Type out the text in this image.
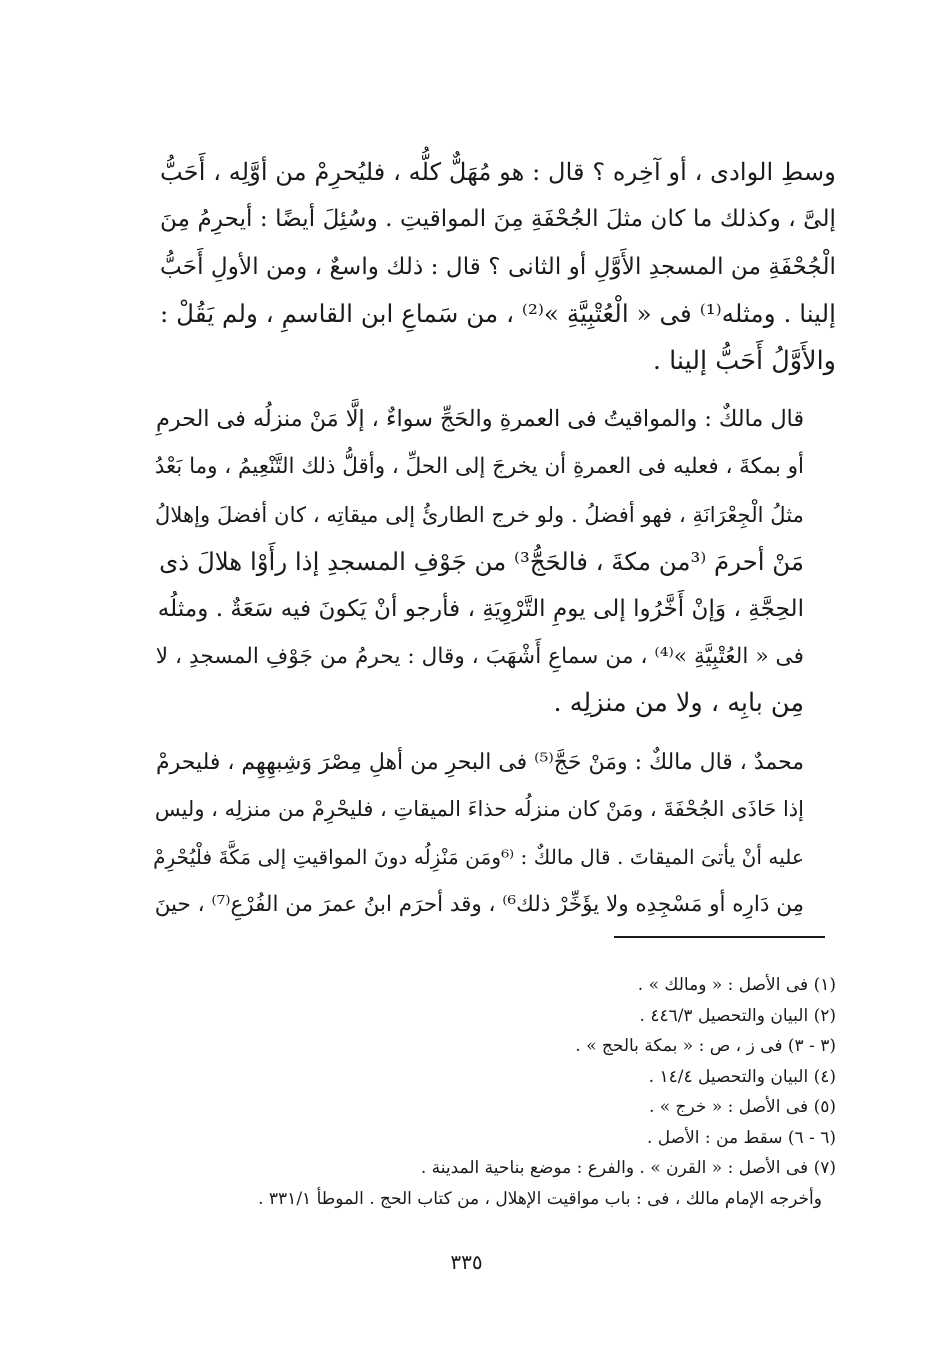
وسطِ الوادى ، أو آخِره ؟ قال : هو مُهَلٌّ كلُّه ، فليُحرِمْ من أوَّلِه ، أَحَبُّ
إلىَّ ، وكذلك ما كان مثلَ الجُحْفَةِ مِنَ المواقيتِ . وسُئِلَ أيضًا : أيحرِمُ مِنَ
الْجُحْفَةِ من المسجدِ الأَوَّلِ أو الثانى ؟ قال : ذلك واسعٌ ، ومن الأولِ أَحَبُّ
إلينا . ومثله⁽¹⁾ فى « الْعُتْبِيَّةِ »⁽²⁾ ، من سَماعِ ابن القاسمِ ، ولم يَقُلْ :
والأَوَّلُ أَحَبُّ إلينا .

قال مالكٌ : والمواقيتُ فى العمرةِ والحَجِّ سواءٌ ، إلَّا مَنْ منزلُه فى الحرمِ
أو بمكةَ ، فعليه فى العمرةِ أن يخرجَ إلى الحلِّ ، وأقلُّ ذلك التَّنْعِيمُ ، وما بَعْدُ
مثلُ الْجِعْرَانَةِ ، فهو أفضلُ . ولو خرج الطارئُ إلى ميقاتِه ، كان أفضلَ وإهلالُ
مَنْ أحرمَ ⁽³من مكةَ ، فالحَجُّ³⁾ من جَوْفِ المسجدِ إذا رأَوْا هلالَ ذى
الحِجَّةِ ، وَإنْ أَخَّرُوا إلى يومِ التَّرْوِيَةِ ، فأرجو أنْ يَكونَ فيه سَعَةٌ . ومثلُه
فى « العُتْبِيَّةِ »⁽⁴⁾ ، من سماعِ أَشْهَبَ ، وقال : يحرمُ من جَوْفِ المسجدِ ، لا
مِن بابِه ، ولا من منزلِه .

محمدٌ ، قال مالكٌ : ومَنْ حَجَّ⁽⁵⁾ فى البحرِ من أهلِ مِصْرَ وَشِبهِهِم ، فليحرمْ
إذا حَاذَى الجُحْفَةَ ، ومَنْ كان منزلُه حذاءَ الميقاتِ ، فليحْرِمْ من منزلِه ، وليس
عليه أنْ يأتىَ الميقاتَ . قال مالكٌ : ⁽⁶ومَن مَنْزِلُه دونَ المواقيتِ إلى مَكَّةَ فلْيُحْرِمْ
مِن دَارِه أو مَسْجِدِه ولا يؤَخِّرْ ذلك⁶⁾ ، وقد أحرَم ابنُ عمرَ من الفُرْعِ⁽⁷⁾ ، حينَ

(١) فى الأصل : « ومالك » .
(٢) البيان والتحصيل ٤٤٦/٣ .
(٣ - ٣) فى ز ، ص : « بمكة بالحج » .
(٤) البيان والتحصيل ١٤/٤ .
(٥) فى الأصل : « خرج » .
(٦ - ٦) سقط من : الأصل .
(٧) فى الأصل : « القرن » . والفرع : موضع بناحية المدينة .
وأخرجه الإمام مالك ، فى : باب مواقيت الإهلال ، من كتاب الحج . الموطأ ٣٣١/١ .
٣٣٥
